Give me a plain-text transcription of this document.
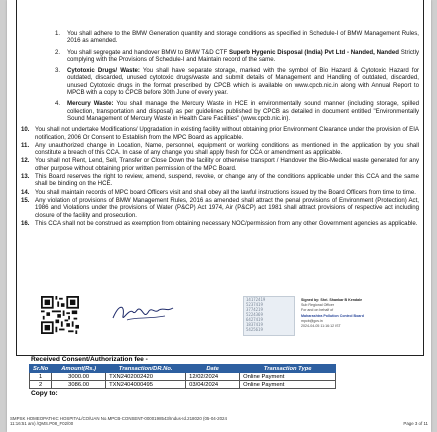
1. You shall adhere to the BMW Generation quantity and storage conditions as specified in Schedule-I of BMW Management Rules, 2016 as amended.
2. You shall segregate and handover BMW to BMW T&D CTF Superb Hygenic Disposal (India) Pvt Ltd - Nanded, Nanded Strictly complying with the Provisions of Schedule-I and Maintain record of the same.
3. Cytotoxic Drugs/ Waste: You shall have separate storage, marked with the symbol of Bio Hazard & Cytotoxic Hazard for outdated, discarded, unused cytotoxic drugs/waste and submit details of Management and Handling of outdated, discarded, unused Cytotoxic drugs in the format prescribed by CPCB which is available on www.cpcb.nic.in along with Annual Report to MPCB with a copy to CPCB before 30th June of every year.
4. Mercury Waste: You shall manage the Mercury Waste in HCE in environmentally sound manner (including storage, spilled collection, transportation and disposal) as per guidelines published by CPCB as detailed in document entitled "Environmentally Sound Management of Mercury Waste in Health Care Facilities" (www.cpcb.nic.in).
10. You shall not undertake Modifications/ Upgradation in existing facility without obtaining prior Environment Clearance under the provision of EIA notification, 2006 Or Consent to Establish from the MPC Board as applicable.
11. Any unauthorized change in Location, Name, personnel, equipment or working conditions as mentioned in the application by you shall constitute a breach of this CCA. In case of any change you shall apply fresh for CCA or amendment as applicable.
12. You shall not Rent, Lend, Sell, Transfer or Close Down the facility or otherwise transport / Handover the Bio-Medical waste generated for any other purpose without obtaining prior written permission of the MPC Board.
13. This Board reserves the right to review, amend, suspend, revoke, or change any of the conditions applicable under this CCA and the same shall be binding on the HCE.
14. You shall maintain records of MPC board Officers visit and shall obey all the lawful instructions issued by the Board Officers from time to time.
15. Any violation of provisions of BMW Management Rules, 2016 as amended shall attract the penal provisions of Environment (Protection) Act, 1986 and Violations under the provisions of Water (P&CP) Act 1974, Air (P&CP) act 1981 shall attract provisions of respective act including closure of the facility and prosecution.
16. This CCA shall not be construed as exemption from obtaining necessary NOC/permission from any other Government agencies as applicable.
14172419
5237419
3774219
5224369
6427419
1837419
5425619
Signed by: Shri. Shankar B Kendale
Sub Regional Officer
For and on behalf of
Maharashtra Pollution Control Board
mpcb@gov.in
2024-04-05 11:16:12 IST
Received Consent/Authorization fee -
Sr.No	Amount(Rs.)	Transaction/DR.No.	Date	Transaction Type
1	3000.00	TXN2402002420	12/02/2024	Online Payment
2	3086.00	TXN2404000495	03/04/2024	Online Payment
Copy to:
SMPSK HOMEOPATHIC HOSPITAL/CO/UAN No.MPCB-CONSENT-0000198543/Indus-Id.218020 (05-04-2024
11:16:51 am) /QMS.P08_F02/00	Page 3 of 11
